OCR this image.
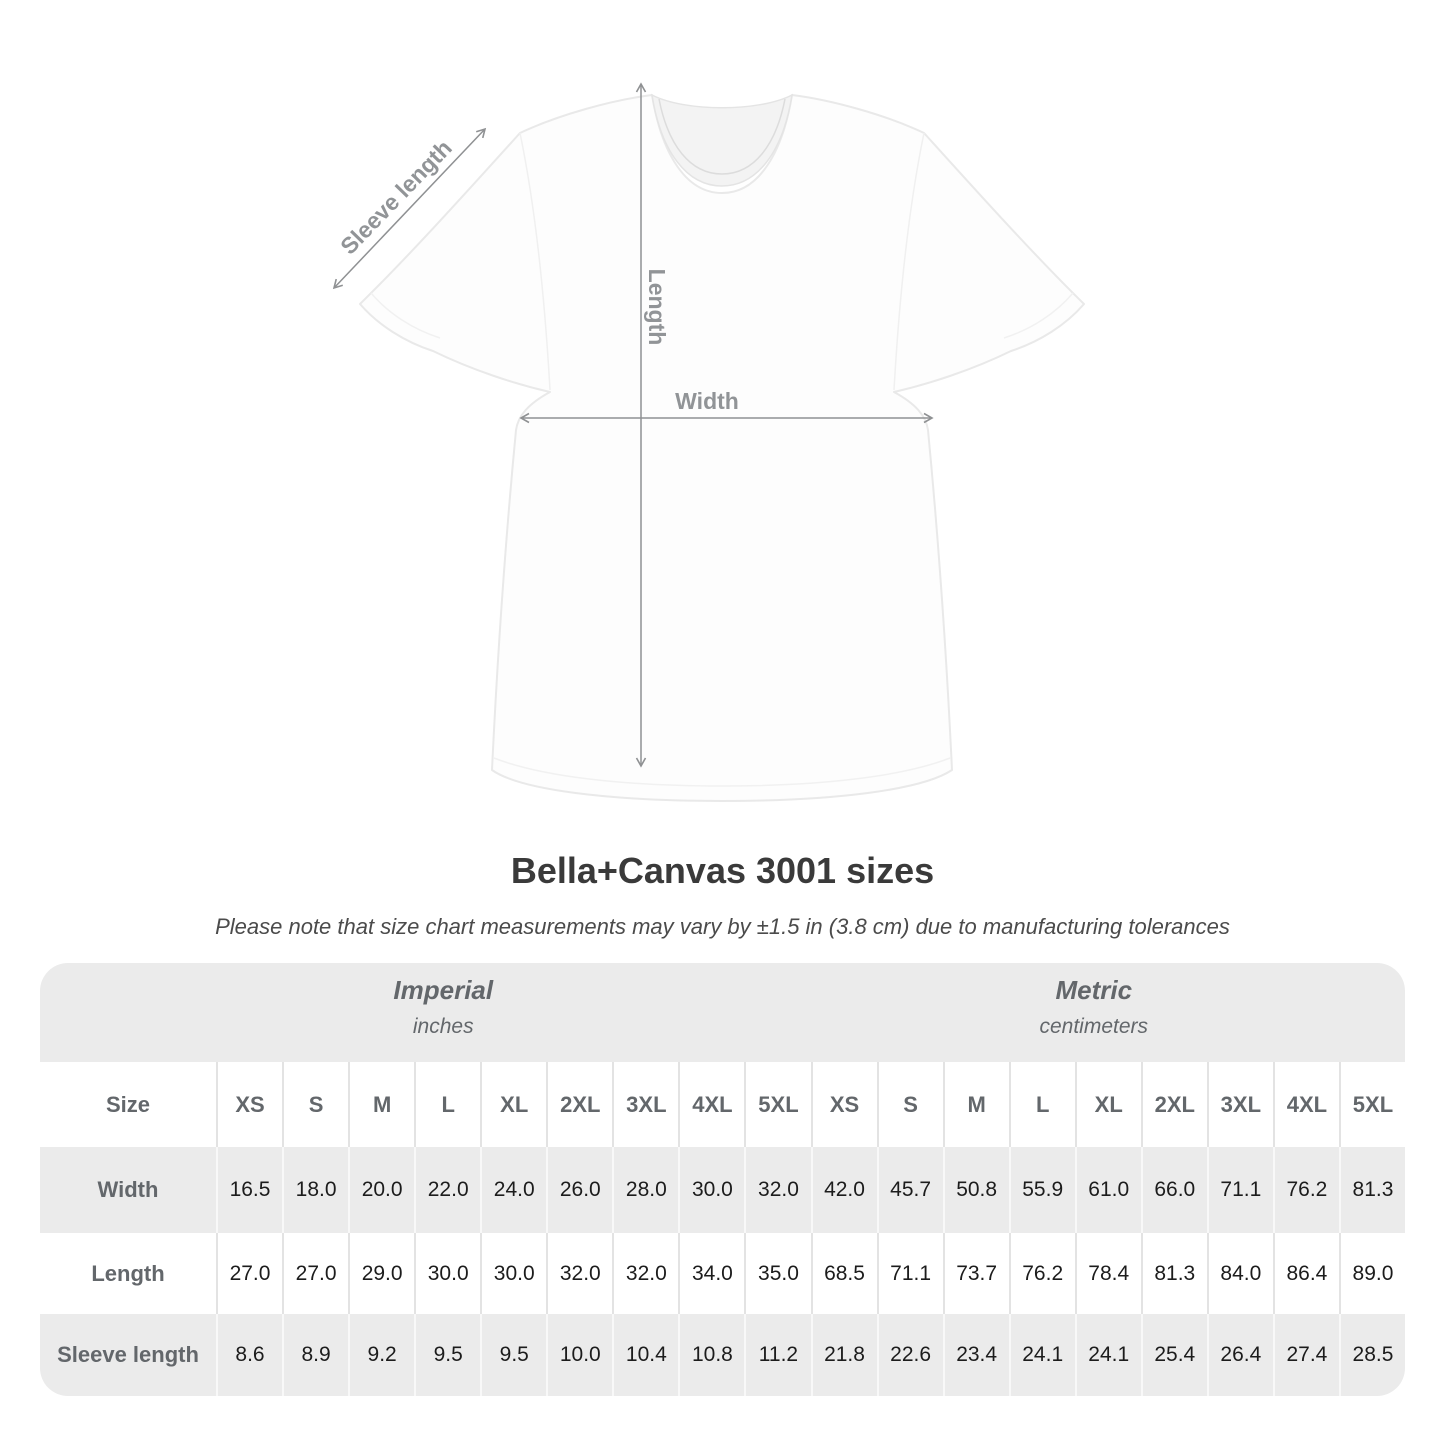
Width
Length
Sleeve length
Bella+Canvas 3001 sizes
Please note that size chart measurements may vary by ±1.5 in (3.8 cm) due to manufacturing tolerances
Imperial
inches
Metric
centimeters
Size	XS	S	M	L	XL	2XL	3XL	4XL	5XL	XS	S	M	L	XL	2XL	3XL	4XL	5XL
Width	16.5	18.0	20.0	22.0	24.0	26.0	28.0	30.0	32.0	42.0	45.7	50.8	55.9	61.0	66.0	71.1	76.2	81.3
Length	27.0	27.0	29.0	30.0	30.0	32.0	32.0	34.0	35.0	68.5	71.1	73.7	76.2	78.4	81.3	84.0	86.4	89.0
Sleeve length	8.6	8.9	9.2	9.5	9.5	10.0	10.4	10.8	11.2	21.8	22.6	23.4	24.1	24.1	25.4	26.4	27.4	28.5
